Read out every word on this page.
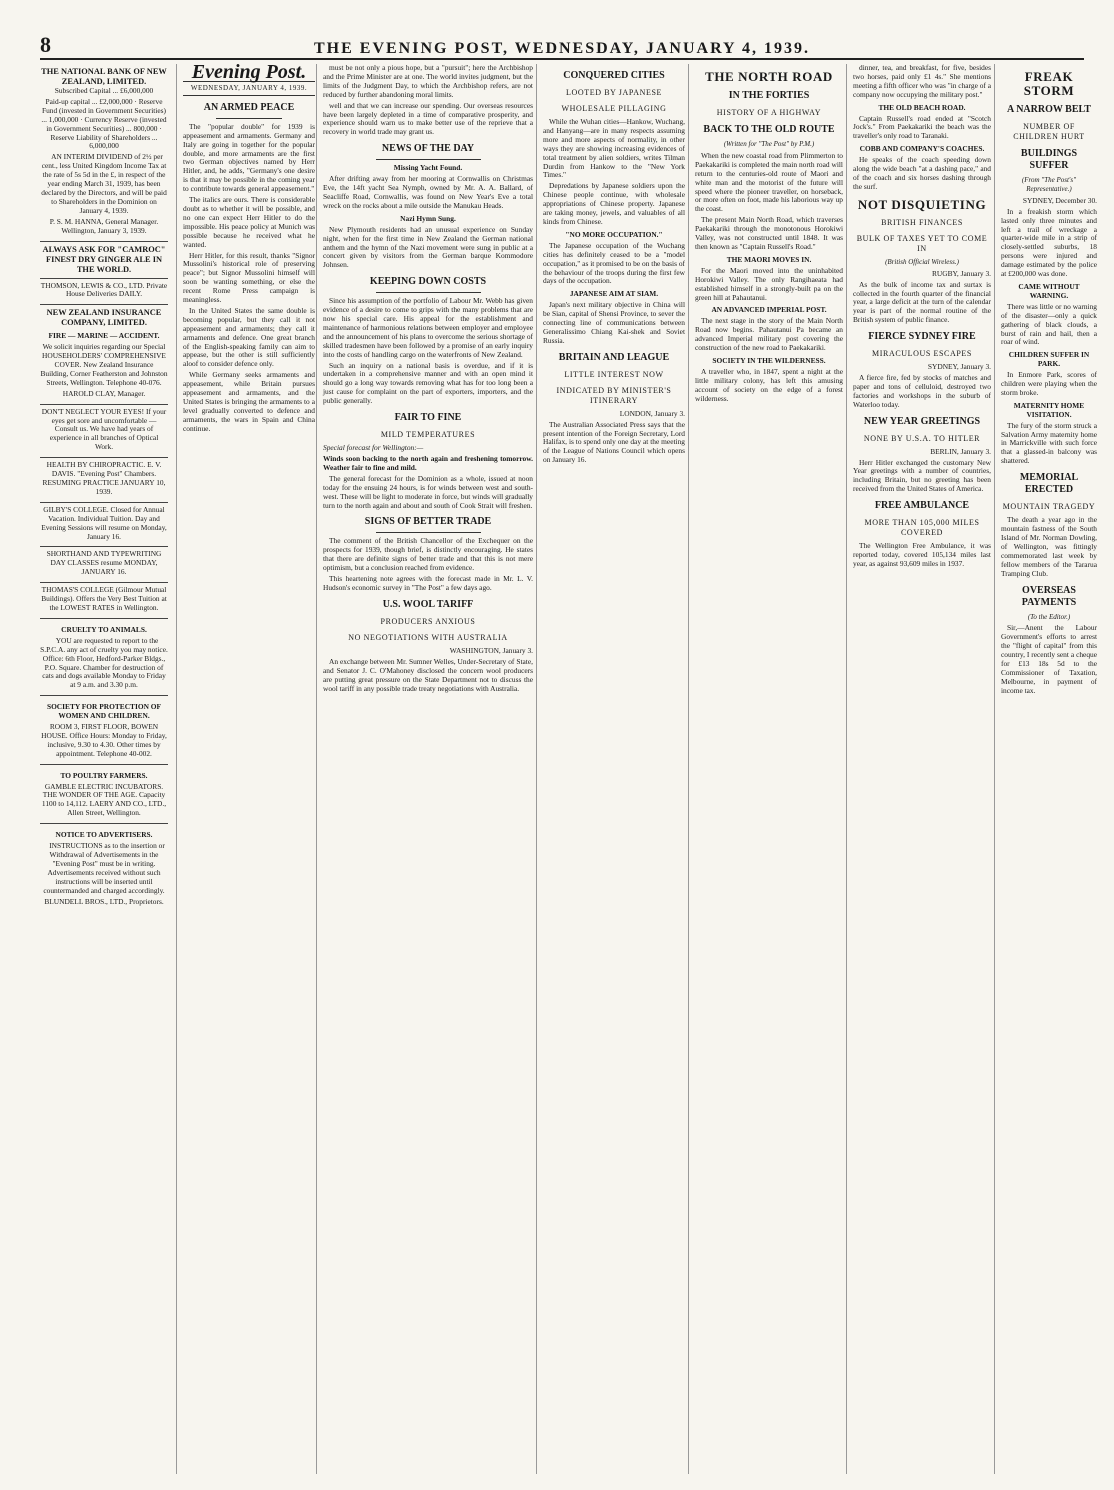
8	THE EVENING POST, WEDNESDAY, JANUARY 4, 1939.
THE NATIONAL BANK OF NEW ZEALAND, LIMITED.

Subscribed Capital ... £6,000,000

Paid-up capital ... £2,000,000 · Reserve Fund (invested in Government Securities) ... 1,000,000 · Currency Reserve (invested in Government Securities) ... 800,000 · Reserve Liability of Shareholders ... 6,000,000

AN INTERIM DIVIDEND of 2½ per cent., less United Kingdom Income Tax at the rate of 5s 5d in the £, in respect of the year ending March 31, 1939, has been declared by the Directors, and will be paid to Shareholders in the Dominion on January 4, 1939.

P. S. M. HANNA, General Manager. Wellington, January 3, 1939.

ALWAYS ASK FOR "CAMROC" FINEST DRY GINGER ALE IN THE WORLD.

THOMSON, LEWIS & CO., LTD. Private House Deliveries DAILY.

NEW ZEALAND INSURANCE COMPANY, LIMITED.
FIRE — MARINE — ACCIDENT.

We solicit inquiries regarding our Special HOUSEHOLDERS' COMPREHENSIVE COVER. New Zealand Insurance Building, Corner Featherston and Johnston Streets, Wellington. Telephone 40-076.

HAROLD CLAY, Manager.

DON'T NEGLECT YOUR EYES! If your eyes get sore and uncomfortable — Consult us. We have had years of experience in all branches of Optical Work.

HEALTH BY CHIROPRACTIC. E. V. DAVIS. "Evening Post" Chambers. RESUMING PRACTICE JANUARY 10, 1939.

GILBY'S COLLEGE. Closed for Annual Vacation. Individual Tuition. Day and Evening Sessions will resume on Monday, January 16.

SHORTHAND AND TYPEWRITING DAY CLASSES resume MONDAY, JANUARY 16.

THOMAS'S COLLEGE (Gilmour Mutual Buildings). Offers the Very Best Tuition at the LOWEST RATES in Wellington.

CRUELTY TO ANIMALS.

YOU are requested to report to the S.P.C.A. any act of cruelty you may notice. Office: 6th Floor, Hedford-Parker Bldgs., P.O. Square. Chamber for destruction of cats and dogs available Monday to Friday at 9 a.m. and 3.30 p.m.

SOCIETY FOR PROTECTION OF WOMEN AND CHILDREN.

ROOM 3, FIRST FLOOR, BOWEN HOUSE. Office Hours: Monday to Friday, inclusive, 9.30 to 4.30. Other times by appointment. Telephone 40-002.

TO POULTRY FARMERS.

GAMBLE ELECTRIC INCUBATORS. THE WONDER OF THE AGE. Capacity 1100 to 14,112. LAERY AND CO., LTD., Allen Street, Wellington.

NOTICE TO ADVERTISERS.

INSTRUCTIONS as to the insertion or Withdrawal of Advertisements in the "Evening Post" must be in writing. Advertisements received without such instructions will be inserted until countermanded and charged accordingly.

BLUNDELL BROS., LTD., Proprietors.

Evening Post.
WEDNESDAY, JANUARY 4, 1939.
AN ARMED PEACE

The "popular double" for 1939 is appeasement and armaments. Germany and Italy are going in together for the popular double, and more armaments are the first two German objectives named by Herr Hitler, and, he adds, "Germany's one desire is that it may be possible in the coming year to contribute towards general appeasement."

The italics are ours. There is considerable doubt as to whether it will be possible, and no one can expect Herr Hitler to do the impossible. His peace policy at Munich was possible because he received what he wanted.

Herr Hitler, for this result, thanks "Signor Mussolini's historical role of preserving peace"; but Signor Mussolini himself will soon be wanting something, or else the recent Rome Press campaign is meaningless.

In the United States the same double is becoming popular, but they call it not appeasement and armaments; they call it armaments and defence. One great branch of the English-speaking family can aim to appease, but the other is still sufficiently aloof to consider defence only.

While Germany seeks armaments and appeasement, while Britain pursues appeasement and armaments, and the United States is bringing the armaments to a level gradually converted to defence and armaments, the wars in Spain and China continue.

must be not only a pious hope, but a "pursuit"; here the Archbishop and the Prime Minister are at one. The world invites judgment, but the limits of the Judgment Day, to which the Archbishop refers, are not reduced by further abandoning moral limits.

well and that we can increase our spending. Our overseas resources have been largely depleted in a time of comparative prosperity, and experience should warn us to make better use of the reprieve that a recovery in world trade may grant us.

NEWS OF THE DAY
Missing Yacht Found.

After drifting away from her mooring at Cornwallis on Christmas Eve, the 14ft yacht Sea Nymph, owned by Mr. A. A. Ballard, of Seacliffe Road, Cornwallis, was found on New Year's Eve a total wreck on the rocks about a mile outside the Manukau Heads.

Nazi Hymn Sung.

New Plymouth residents had an unusual experience on Sunday night, when for the first time in New Zealand the German national anthem and the hymn of the Nazi movement were sung in public at a concert given by visitors from the German barque Kommodore Johnsen.

KEEPING DOWN COSTS

Since his assumption of the portfolio of Labour Mr. Webb has given evidence of a desire to come to grips with the many problems that are now his special care. His appeal for the establishment and maintenance of harmonious relations between employer and employee and the announcement of his plans to overcome the serious shortage of skilled tradesmen have been followed by a promise of an early inquiry into the costs of handling cargo on the waterfronts of New Zealand.

Such an inquiry on a national basis is overdue, and if it is undertaken in a comprehensive manner and with an open mind it should go a long way towards removing what has for too long been a just cause for complaint on the part of exporters, importers, and the public generally.

FAIR TO FINE
MILD TEMPERATURES

Special forecast for Wellington:—

Winds soon backing to the north again and freshening tomorrow. Weather fair to fine and mild.

The general forecast for the Dominion as a whole, issued at noon today for the ensuing 24 hours, is for winds between west and south-west. These will be light to moderate in force, but winds will gradually turn to the north again and about and south of Cook Strait will freshen.

SIGNS OF BETTER TRADE

The comment of the British Chancellor of the Exchequer on the prospects for 1939, though brief, is distinctly encouraging. He states that there are definite signs of better trade and that this is not mere optimism, but a conclusion reached from evidence.

This heartening note agrees with the forecast made in Mr. L. V. Hudson's economic survey in "The Post" a few days ago.

U.S. WOOL TARIFF
PRODUCERS ANXIOUS
NO NEGOTIATIONS WITH AUSTRALIA

WASHINGTON, January 3.

An exchange between Mr. Sumner Welles, Under-Secretary of State, and Senator J. C. O'Mahoney disclosed the concern wool producers are putting great pressure on the State Department not to discuss the wool tariff in any possible trade treaty negotiations with Australia.

CONQUERED CITIES
LOOTED BY JAPANESE
WHOLESALE PILLAGING

While the Wuhan cities—Hankow, Wuchang, and Hanyang—are in many respects assuming more and more aspects of normality, in other ways they are showing increasing evidences of total treatment by alien soldiers, writes Tilman Durdin from Hankow to the "New York Times."

Depredations by Japanese soldiers upon the Chinese people continue, with wholesale appropriations of Chinese property. Japanese are taking money, jewels, and valuables of all kinds from Chinese.

"NO MORE OCCUPATION."

The Japanese occupation of the Wuchang cities has definitely ceased to be a "model occupation," as it promised to be on the basis of the behaviour of the troops during the first few days of the occupation.

JAPANESE AIM AT SIAM.

Japan's next military objective in China will be Sian, capital of Shensi Province, to sever the connecting line of communications between Generalissimo Chiang Kai-shek and Soviet Russia.

BRITAIN AND LEAGUE
LITTLE INTEREST NOW
INDICATED BY MINISTER'S ITINERARY

LONDON, January 3.

The Australian Associated Press says that the present intention of the Foreign Secretary, Lord Halifax, is to spend only one day at the meeting of the League of Nations Council which opens on January 16.

THE NORTH ROAD
IN THE FORTIES
HISTORY OF A HIGHWAY
BACK TO THE OLD ROUTE
(Written for "The Post" by P.M.)

When the new coastal road from Plimmerton to Paekakariki is completed the main north road will return to the centuries-old route of Maori and white man and the motorist of the future will speed where the pioneer traveller, on horseback, or more often on foot, made his laborious way up the coast.

The present Main North Road, which traverses Paekakariki through the monotonous Horokiwi Valley, was not constructed until 1848. It was then known as "Captain Russell's Road."

THE MAORI MOVES IN.

For the Maori moved into the uninhabited Horokiwi Valley. The only Rangihaeata had established himself in a strongly-built pa on the green hill at Pahautanui.

AN ADVANCED IMPERIAL POST.

The next stage in the story of the Main North Road now begins. Pahautanui Pa became an advanced Imperial military post covering the construction of the new road to Paekakariki.

SOCIETY IN THE WILDERNESS.

A traveller who, in 1847, spent a night at the little military colony, has left this amusing account of society on the edge of a forest wilderness.

dinner, tea, and breakfast, for five, besides two horses, paid only £1 4s." She mentions meeting a fifth officer who was "in charge of a company now occupying the military post."

THE OLD BEACH ROAD.

Captain Russell's road ended at "Scotch Jock's." From Paekakariki the beach was the traveller's only road to Taranaki.

COBB AND COMPANY'S COACHES.

He speaks of the coach speeding down along the wide beach "at a dashing pace," and of the coach and six horses dashing through the surf.

NOT DISQUIETING
BRITISH FINANCES
BULK OF TAXES YET TO COME IN
(British Official Wireless.)

RUGBY, January 3.

As the bulk of income tax and surtax is collected in the fourth quarter of the financial year, a large deficit at the turn of the calendar year is part of the normal routine of the British system of public finance.

FIERCE SYDNEY FIRE
MIRACULOUS ESCAPES

SYDNEY, January 3.

A fierce fire, fed by stocks of matches and paper and tons of celluloid, destroyed two factories and workshops in the suburb of Waterloo today.

NEW YEAR GREETINGS
NONE BY U.S.A. TO HITLER

BERLIN, January 3.

Herr Hitler exchanged the customary New Year greetings with a number of countries, including Britain, but no greeting has been received from the United States of America.

FREE AMBULANCE
MORE THAN 105,000 MILES COVERED

The Wellington Free Ambulance, it was reported today, covered 105,134 miles last year, as against 93,609 miles in 1937.

FREAK STORM
A NARROW BELT
NUMBER OF CHILDREN HURT
BUILDINGS SUFFER
(From "The Post's" Representative.)

SYDNEY, December 30.

In a freakish storm which lasted only three minutes and left a trail of wreckage a quarter-wide mile in a strip of closely-settled suburbs, 18 persons were injured and damage estimated by the police at £200,000 was done.

CAME WITHOUT WARNING.

There was little or no warning of the disaster—only a quick gathering of black clouds, a burst of rain and hail, then a roar of wind.

CHILDREN SUFFER IN PARK.

In Enmore Park, scores of children were playing when the storm broke.

MATERNITY HOME VISITATION.

The fury of the storm struck a Salvation Army maternity home in Marrickville with such force that a glassed-in balcony was shattered.

MEMORIAL ERECTED
MOUNTAIN TRAGEDY

The death a year ago in the mountain fastness of the South Island of Mr. Norman Dowling, of Wellington, was fittingly commemorated last week by fellow members of the Tararua Tramping Club.

OVERSEAS PAYMENTS
(To the Editor.)

Sir,—Anent the Labour Government's efforts to arrest the "flight of capital" from this country, I recently sent a cheque for £13 18s 5d to the Commissioner of Taxation, Melbourne, in payment of income tax.
